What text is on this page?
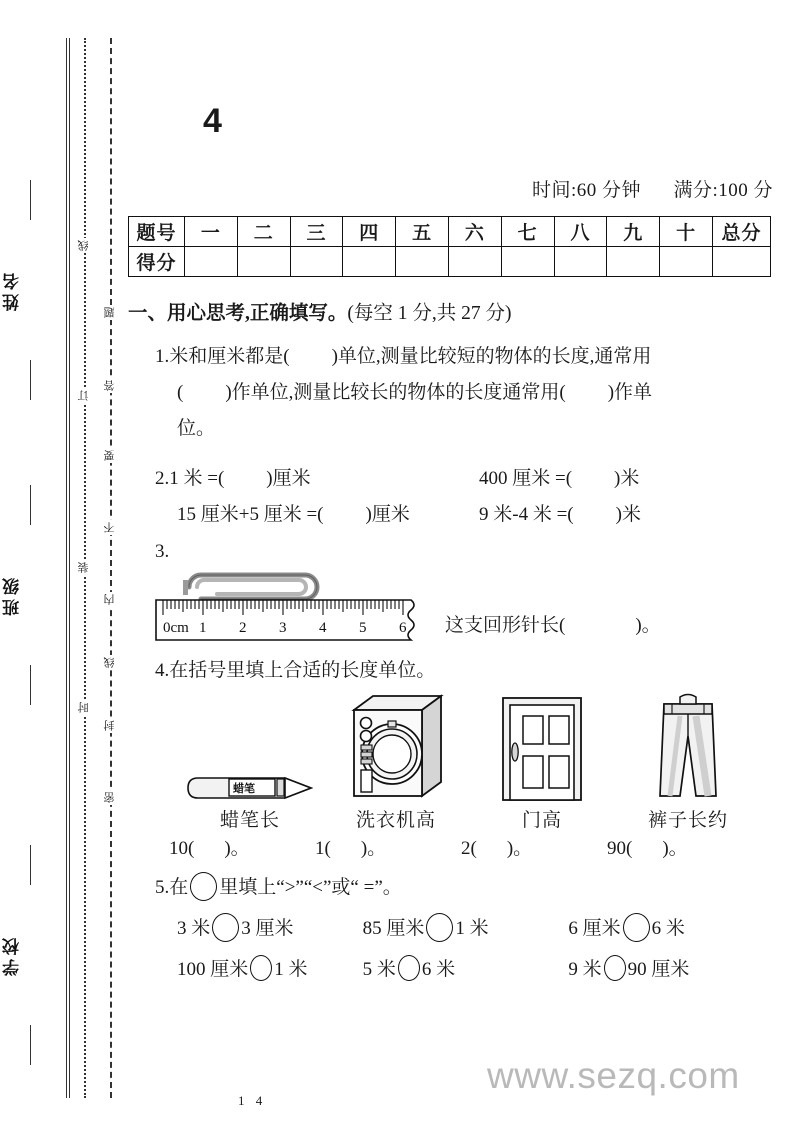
姓名
班级
学校
线
订
装
时
题
答
要
不
内
线
封
密
4
时间:60 分钟 满分:100 分
题号	一	二	三	四	五	六	七	八	九	十	总分
得分											
一、用心思考,正确填写。(每空 1 分,共 27 分)
1.米和厘米都是( )单位,测量比较短的物体的长度,通常用
( )作单位,测量比较长的物体的长度通常用( )作单
位。
2.1 米 =( )厘米	400 厘米 =( )米
15 厘米+5 厘米 =( )厘米	9 米-4 米 =( )米
3.
0cm 1 2 3 4 5 6 这支回形针长(	)。
4.在括号里填上合适的长度单位。
蜡笔
蜡笔长	洗衣机高	门高	裤子长约
10( )。	1( )。	2( )。	90( )。
5.在 里填上“>”“<”或“ =”。
3 米 3 厘米	85 厘米 1 米	6 厘米 6 米
100 厘米 1 米	5 米 6 米	9 米 90 厘米
1 4
www.sezq.com
